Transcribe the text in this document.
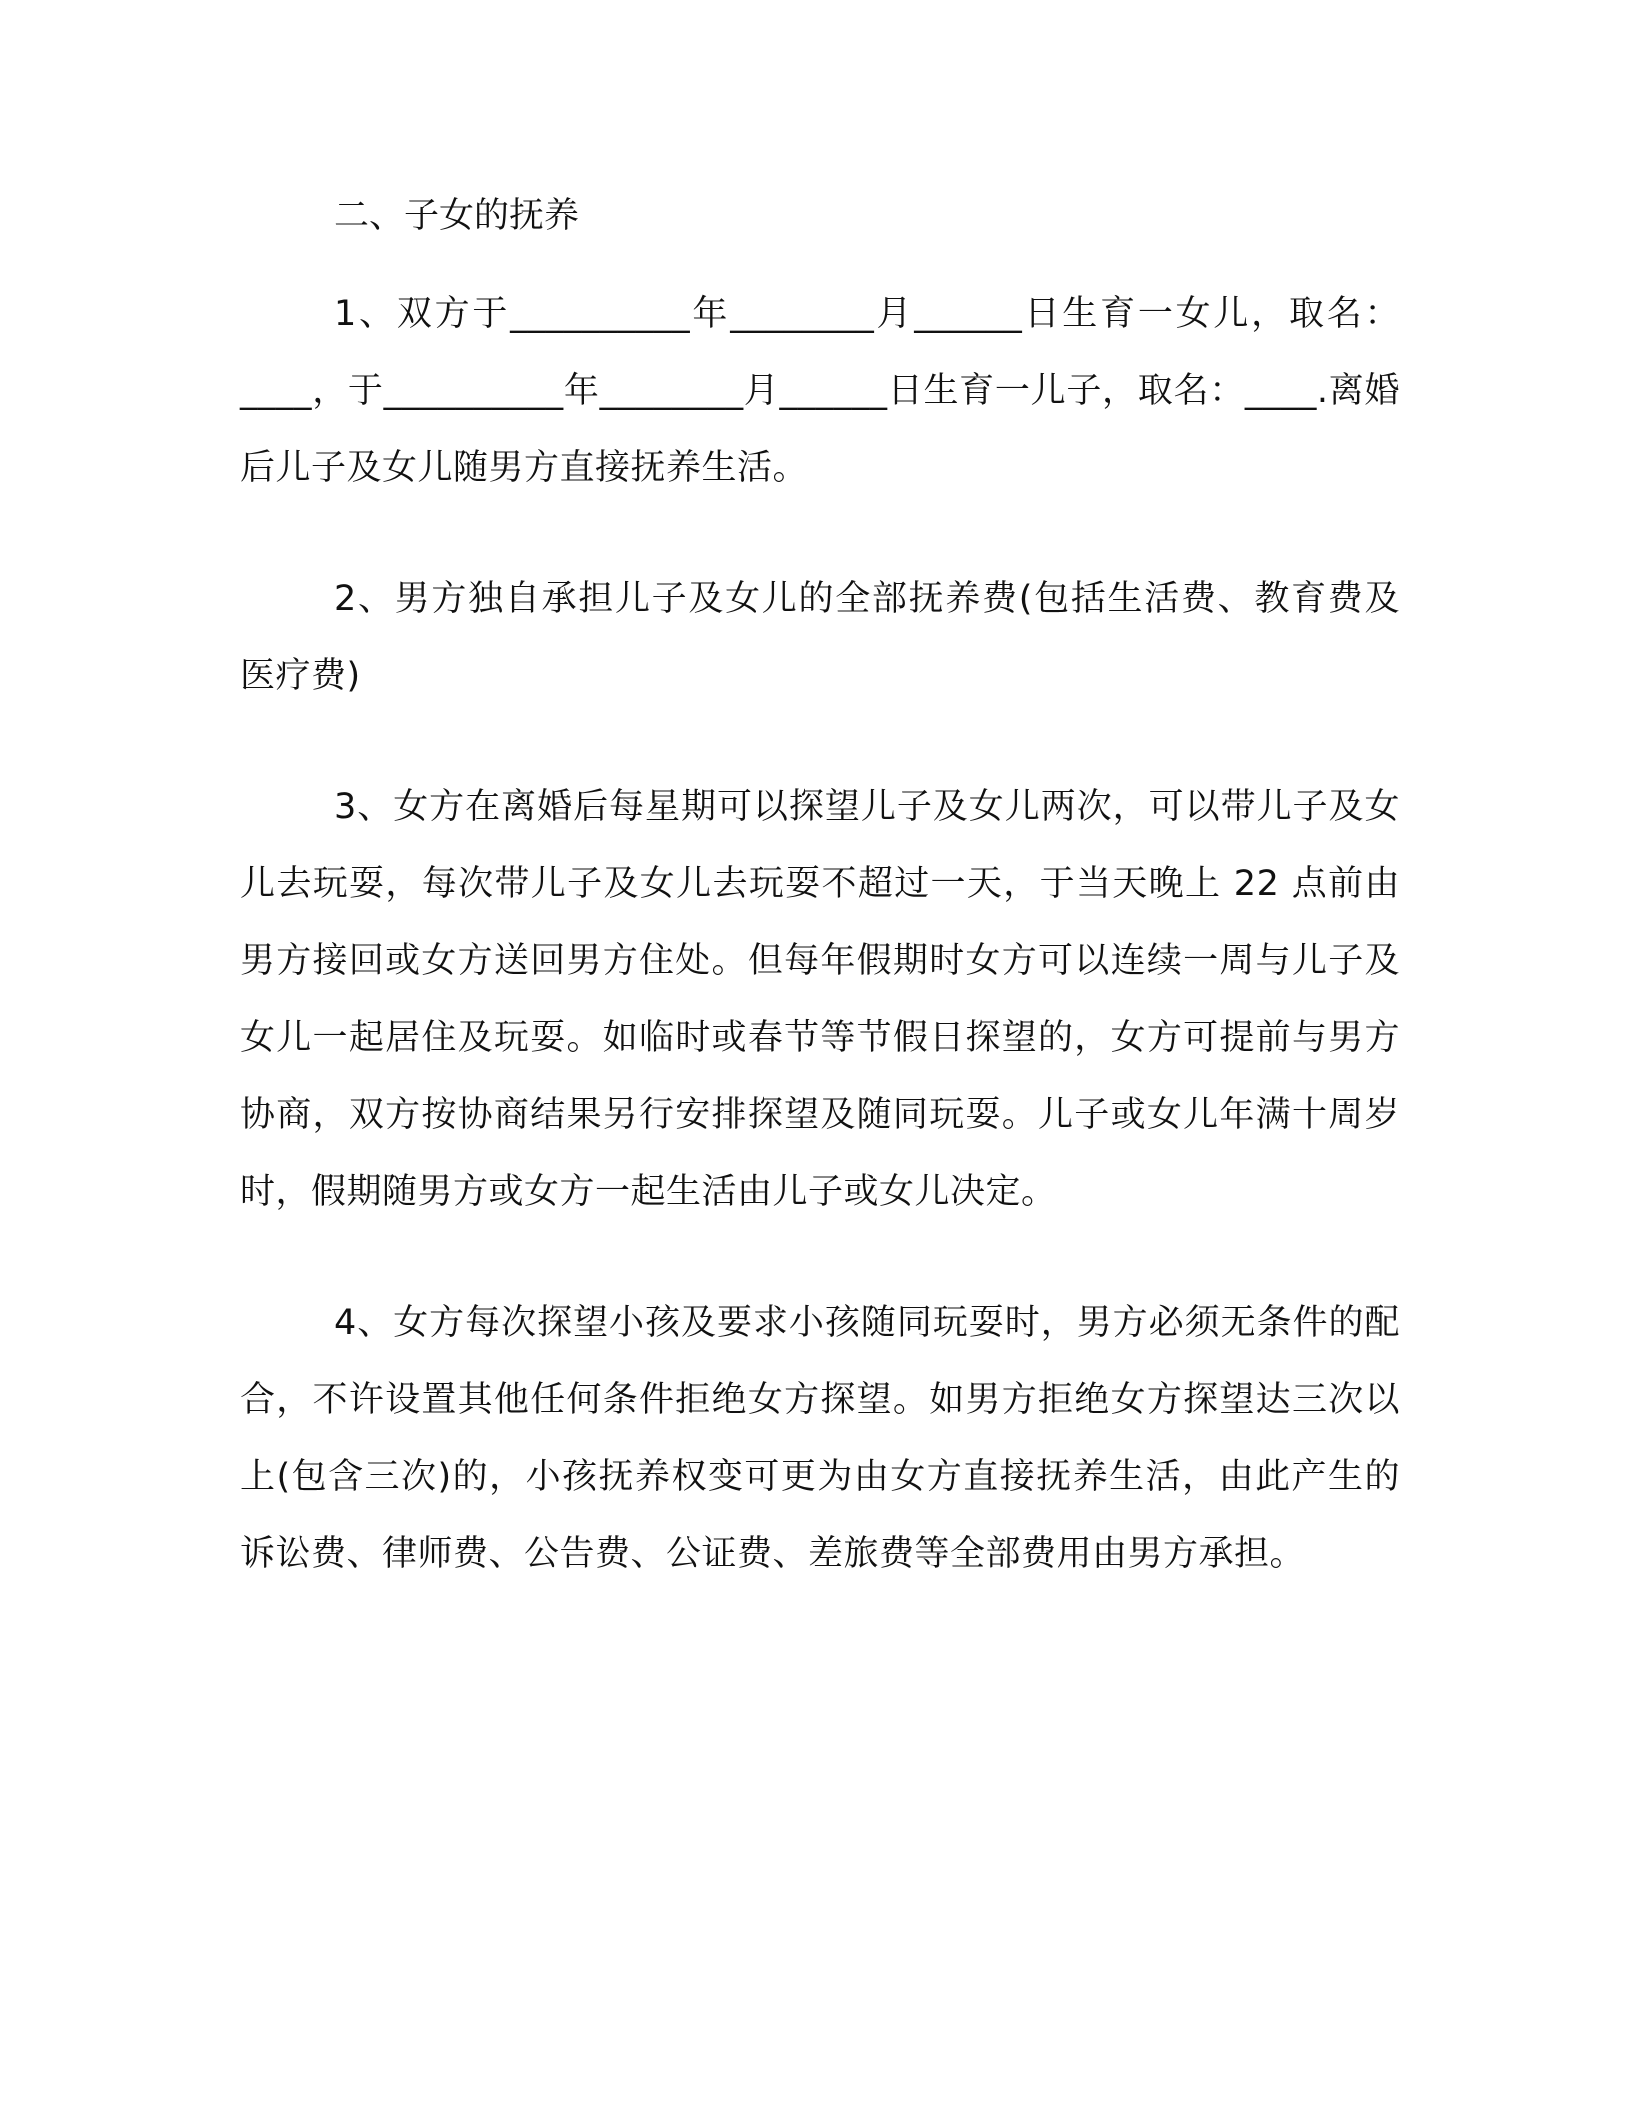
二、子女的抚养

1、双方于__________年________月______日生育一女儿，取名：____，于__________年________月______日生育一儿子，取名：____.离婚后儿子及女儿随男方直接抚养生活。

2、男方独自承担儿子及女儿的全部抚养费(包括生活费、教育费及医疗费)

3、女方在离婚后每星期可以探望儿子及女儿两次，可以带儿子及女儿去玩耍，每次带儿子及女儿去玩耍不超过一天，于当天晚上 22 点前由男方接回或女方送回男方住处。但每年假期时女方可以连续一周与儿子及女儿一起居住及玩耍。如临时或春节等节假日探望的，女方可提前与男方协商，双方按协商结果另行安排探望及随同玩耍。儿子或女儿年满十周岁时，假期随男方或女方一起生活由儿子或女儿决定。

4、女方每次探望小孩及要求小孩随同玩耍时，男方必须无条件的配合，不许设置其他任何条件拒绝女方探望。如男方拒绝女方探望达三次以上(包含三次)的，小孩抚养权变可更为由女方直接抚养生活，由此产生的诉讼费、律师费、公告费、公证费、差旅费等全部费用由男方承担。
